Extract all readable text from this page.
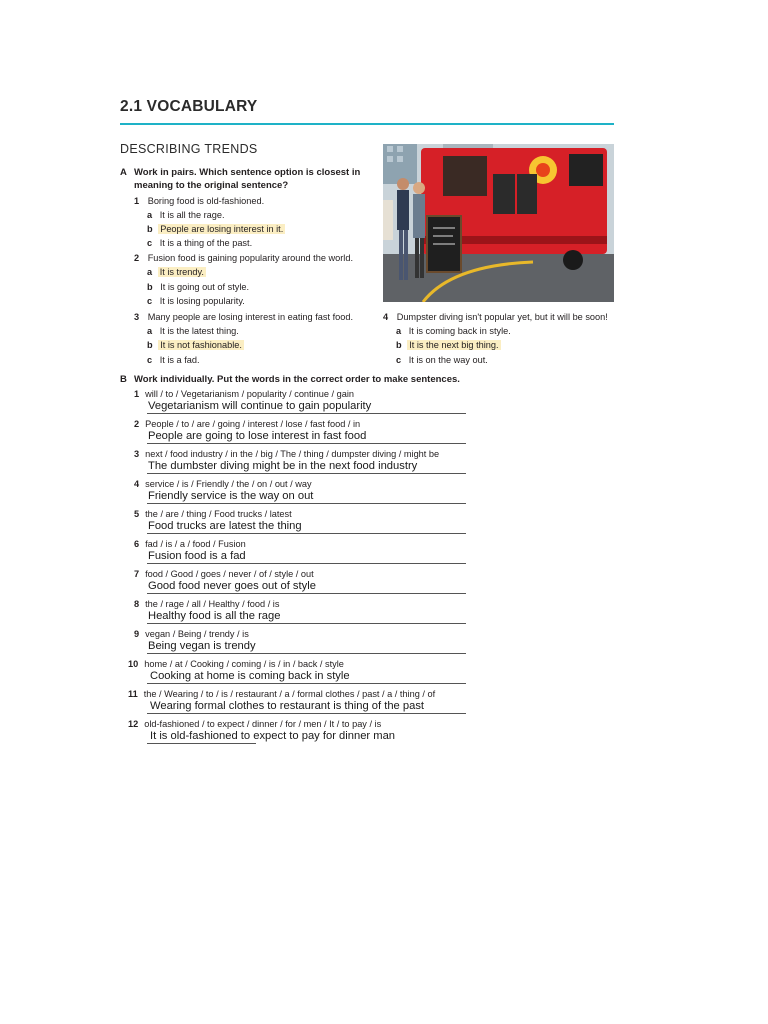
2.1 VOCABULARY
DESCRIBING TRENDS
A Work in pairs. Which sentence option is closest in
meaning to the original sentence?
1 Boring food is old-fashioned.
a It is all the rage.
b People are losing interest in it.
c It is a thing of the past.
2 Fusion food is gaining popularity around the world.
a It is trendy.
b It is going out of style.
c It is losing popularity.
3 Many people are losing interest in eating fast food.
a It is the latest thing.
b It is not fashionable.
c It is a fad.
4 Dumpster diving isn't popular yet, but it will be soon!
a It is coming back in style.
b It is the next big thing.
c It is on the way out.
B Work individually. Put the words in the correct order to make sentences.
1 will / to / Vegetarianism / popularity / continue / gain
Vegetarianism will continue to gain popularity
2 People / to / are / going / interest / lose / fast food / in
People are going to lose interest in fast food
3 next / food industry / in the / big / The / thing / dumpster diving / might be
The dumbster diving might be in the next food industry
4 service / is / Friendly / the / on / out / way
Friendly service is the way on out
5 the / are / thing / Food trucks / latest
Food trucks are latest the thing
6 fad / is / a / food / Fusion
Fusion food is a fad
7 food / Good / goes / never / of / style / out
Good food never goes out of style
8 the / rage / all / Healthy / food / is
Healthy food is all the rage
9 vegan / Being / trendy / is
Being vegan is trendy
10 home / at / Cooking / coming / is / in / back / style
Cooking at home is coming back in style
11 the / Wearing / to / is / restaurant / a / formal clothes / past / a / thing / of
Wearing formal clothes to restaurant is thing of the past
12 old-fashioned / to expect / dinner / for / men / It / to pay / is
It is old-fashioned to expect to pay for dinner man
